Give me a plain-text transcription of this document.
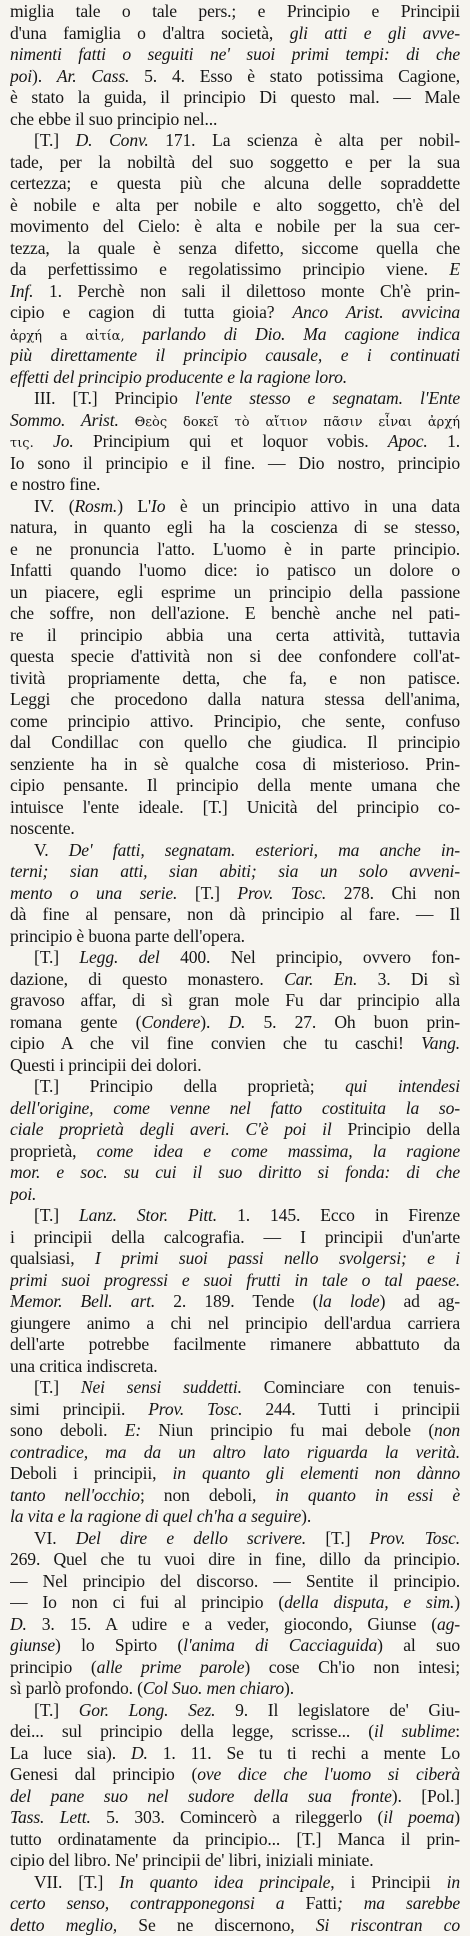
miglia tale o tale pers.; e Principio e Principii
d'una famiglia o d'altra società, gli atti e gli avve-
nimenti fatti o seguiti ne' suoi primi tempi: di che
poi). Ar. Cass. 5. 4. Esso è stato potissima Cagione,
è stato la guida, il principio Di questo mal. — Male
che ebbe il suo principio nel...
[T.] D. Conv. 171. La scienza è alta per nobil-
tade, per la nobiltà del suo soggetto e per la sua
certezza; e questa più che alcuna delle sopraddette
è nobile e alta per nobile e alto soggetto, ch'è del
movimento del Cielo: è alta e nobile per la sua cer-
tezza, la quale è senza difetto, siccome quella che
da perfettissimo e regolatissimo principio viene. E
Inf. 1. Perchè non sali il dilettoso monte Ch'è prin-
cipio e cagion di tutta gioia? Anco Arist. avvicina
ἀρχή a αἰτία, parlando di Dio. Ma cagione indica
più direttamente il principio causale, e i continuati
effetti del principio producente e la ragione loro.
III. [T.] Principio l'ente stesso e segnatam. l'Ente
Sommo. Arist. Θεὸς δοκεῖ τὸ αἴτιον πᾶσιν εἶναι ἀρχή
τις. Jo. Principium qui et loquor vobis. Apoc. 1.
Io sono il principio e il fine. — Dio nostro, principio
e nostro fine.
IV. (Rosm.) L'Io è un principio attivo in una data
natura, in quanto egli ha la coscienza di se stesso,
e ne pronuncia l'atto. L'uomo è in parte principio.
Infatti quando l'uomo dice: io patisco un dolore o
un piacere, egli esprime un principio della passione
che soffre, non dell'azione. E benchè anche nel pati-
re il principio abbia una certa attività, tuttavia
questa specie d'attività non si dee confondere coll'at-
tività propriamente detta, che fa, e non patisce.
Leggi che procedono dalla natura stessa dell'anima,
come principio attivo. Principio, che sente, confuso
dal Condillac con quello che giudica. Il principio
senziente ha in sè qualche cosa di misterioso. Prin-
cipio pensante. Il principio della mente umana che
intuisce l'ente ideale. [T.] Unicità del principio co-
noscente.
V. De' fatti, segnatam. esteriori, ma anche in-
terni; sian atti, sian abiti; sia un solo avveni-
mento o una serie. [T.] Prov. Tosc. 278. Chi non
dà fine al pensare, non dà principio al fare. — Il
principio è buona parte dell'opera.
[T.] Legg. del 400. Nel principio, ovvero fon-
dazione, di questo monastero. Car. En. 3. Di sì
gravoso affar, di sì gran mole Fu dar principio alla
romana gente (Condere). D. 5. 27. Oh buon prin-
cipio A che vil fine convien che tu caschi! Vang.
Questi i principii dei dolori.
[T.] Principio della proprietà; qui intendesi
dell'origine, come venne nel fatto costituita la so-
ciale proprietà degli averi. C'è poi il Principio della
proprietà, come idea e come massima, la ragione
mor. e soc. su cui il suo diritto si fonda: di che
poi.
[T.] Lanz. Stor. Pitt. 1. 145. Ecco in Firenze
i principii della calcografia. — I principii d'un'arte
qualsiasi, I primi suoi passi nello svolgersi; e i
primi suoi progressi e suoi frutti in tale o tal paese.
Memor. Bell. art. 2. 189. Tende (la lode) ad ag-
giungere animo a chi nel principio dell'ardua carriera
dell'arte potrebbe facilmente rimanere abbattuto da
una critica indiscreta.
[T.] Nei sensi suddetti. Cominciare con tenuis-
simi principii. Prov. Tosc. 244. Tutti i principii
sono deboli. E: Niun principio fu mai debole (non
contradice, ma da un altro lato riguarda la verità.
Deboli i principii, in quanto gli elementi non dànno
tanto nell'occhio; non deboli, in quanto in essi è
la vita e la ragione di quel ch'ha a seguire).
VI. Del dire e dello scrivere. [T.] Prov. Tosc.
269. Quel che tu vuoi dire in fine, dillo da principio.
— Nel principio del discorso. — Sentite il principio.
— Io non ci fui al principio (della disputa, e sim.)
D. 3. 15. A udire e a veder, giocondo, Giunse (ag-
giunse) lo Spirto (l'anima di Cacciaguida) al suo
principio (alle prime parole) cose Ch'io non intesi;
sì parlò profondo. (Col Suo. men chiaro).
[T.] Gor. Long. Sez. 9. Il legislatore de' Giu-
dei... sul principio della legge, scrisse... (il sublime:
La luce sia). D. 1. 11. Se tu ti rechi a mente Lo
Genesi dal principio (ove dice che l'uomo si ciberà
del pane suo nel sudore della sua fronte). [Pol.]
Tass. Lett. 5. 303. Comincerò a rileggerlo (il poema)
tutto ordinatamente da principio... [T.] Manca il prin-
cipio del libro. Ne' principii de' libri, iniziali miniate.
VII. [T.] In quanto idea principale, i Principii in
certo senso, contrapponegonsi a Fatti; ma sarebbe
detto meglio, Se ne discernono, Si riscontran co
